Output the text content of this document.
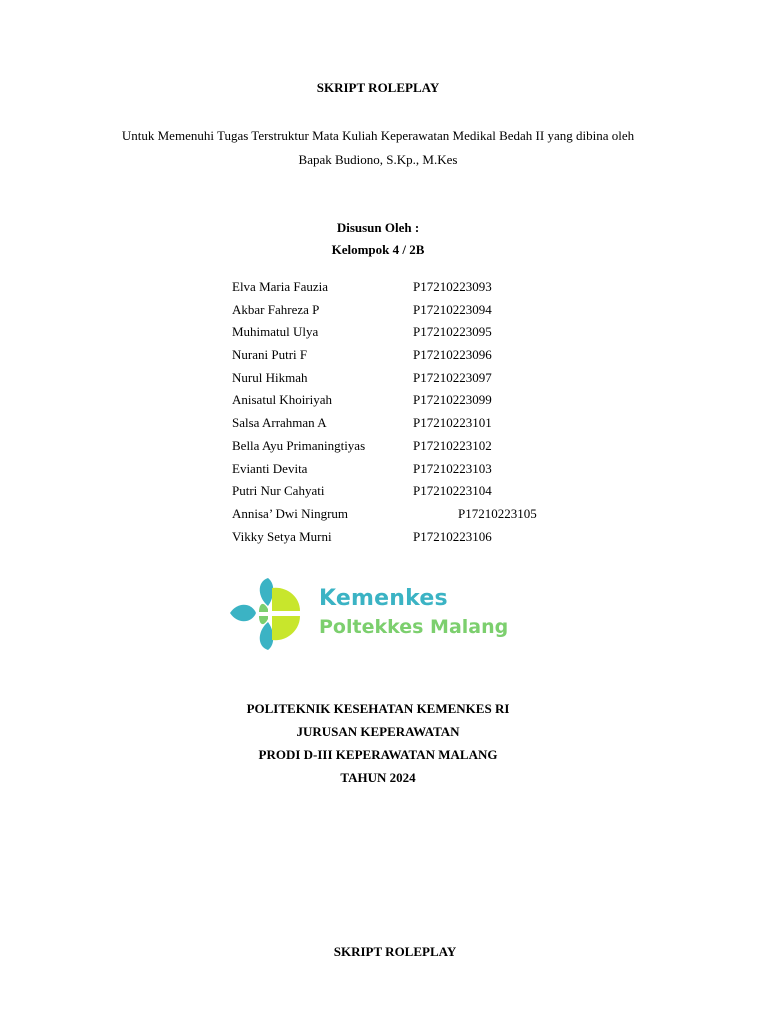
SKRIPT ROLEPLAY
Untuk Memenuhi Tugas Terstruktur Mata Kuliah Keperawatan Medikal Bedah II yang dibina oleh
Bapak Budiono, S.Kp., M.Kes
Disusun Oleh :
Kelompok 4 / 2B
Elva Maria Fauzia	P17210223093
Akbar Fahreza P	P17210223094
Muhimatul Ulya	P17210223095
Nurani Putri F	P17210223096
Nurul Hikmah	P17210223097
Anisatul Khoiriyah	P17210223099
Salsa Arrahman A	P17210223101
Bella Ayu Primaningtiyas	P17210223102
Evianti Devita	P17210223103
Putri Nur Cahyati	P17210223104
Annisa’ Dwi Ningrum	P17210223105
Vikky Setya Murni	P17210223106
Kemenkes
Poltekkes Malang
POLITEKNIK KESEHATAN KEMENKES RI
JURUSAN KEPERAWATAN
PRODI D-III KEPERAWATAN MALANG
TAHUN 2024
SKRIPT ROLEPLAY
